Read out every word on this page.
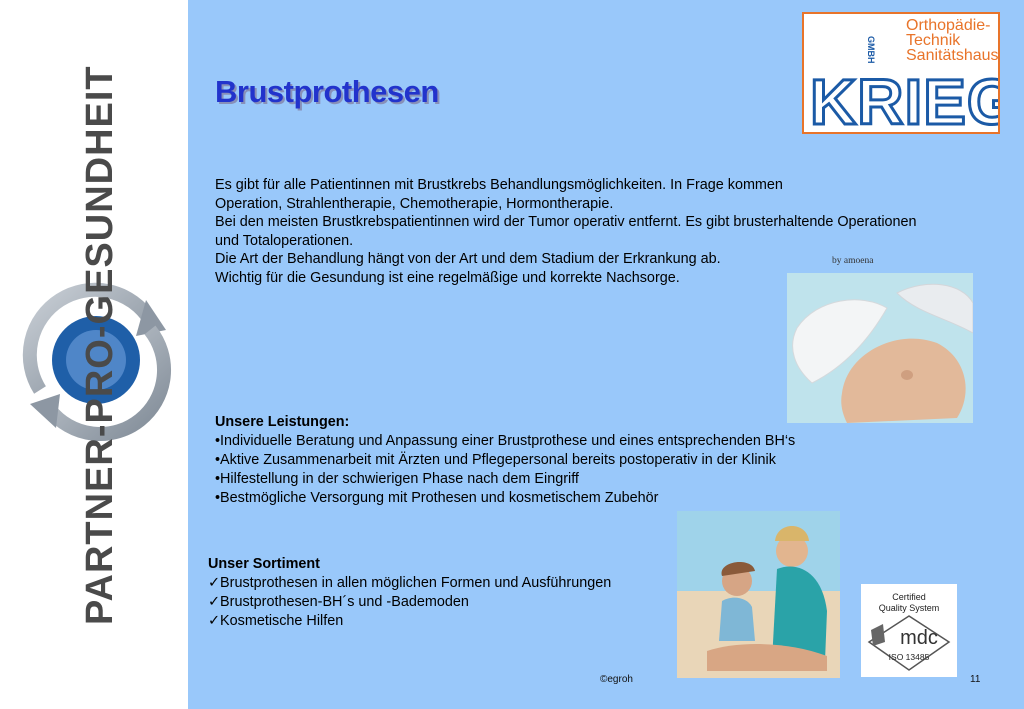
PARTNER-PRO-GESUNDHEIT	Brustprothesen
GMBH
Orthopädie-
Technik
Sanitätshaus
KRIEG

Es gibt für alle Patientinnen mit Brustkrebs Behandlungsmöglichkeiten. In Frage kommen

Operation, Strahlentherapie, Chemotherapie, Hormontherapie.

Bei den meisten Brustkrebspatientinnen wird der Tumor operativ entfernt. Es gibt brusterhaltende Operationen

und Totaloperationen.

Die Art der Behandlung hängt von der Art und dem Stadium der Erkrankung ab.

Wichtig für die Gesundung ist eine regelmäßige und korrekte Nachsorge.

by amoena
Unsere Leistungen:
•Individuelle Beratung und Anpassung einer Brustprothese und eines entsprechenden BH‘s
•Aktive Zusammenarbeit mit Ärzten und Pflegepersonal bereits postoperativ in der Klinik
•Hilfestellung in der schwierigen Phase nach dem Eingriff
•Bestmögliche Versorgung mit Prothesen und kosmetischem Zubehör
Unser Sortiment
✓Brustprothesen in allen möglichen Formen und Ausführungen
✓Brustprothesen-BH´s und -Bademoden
✓Kosmetische Hilfen
Certified
Quality System
mdc
ISO 13485
©egroh	11
